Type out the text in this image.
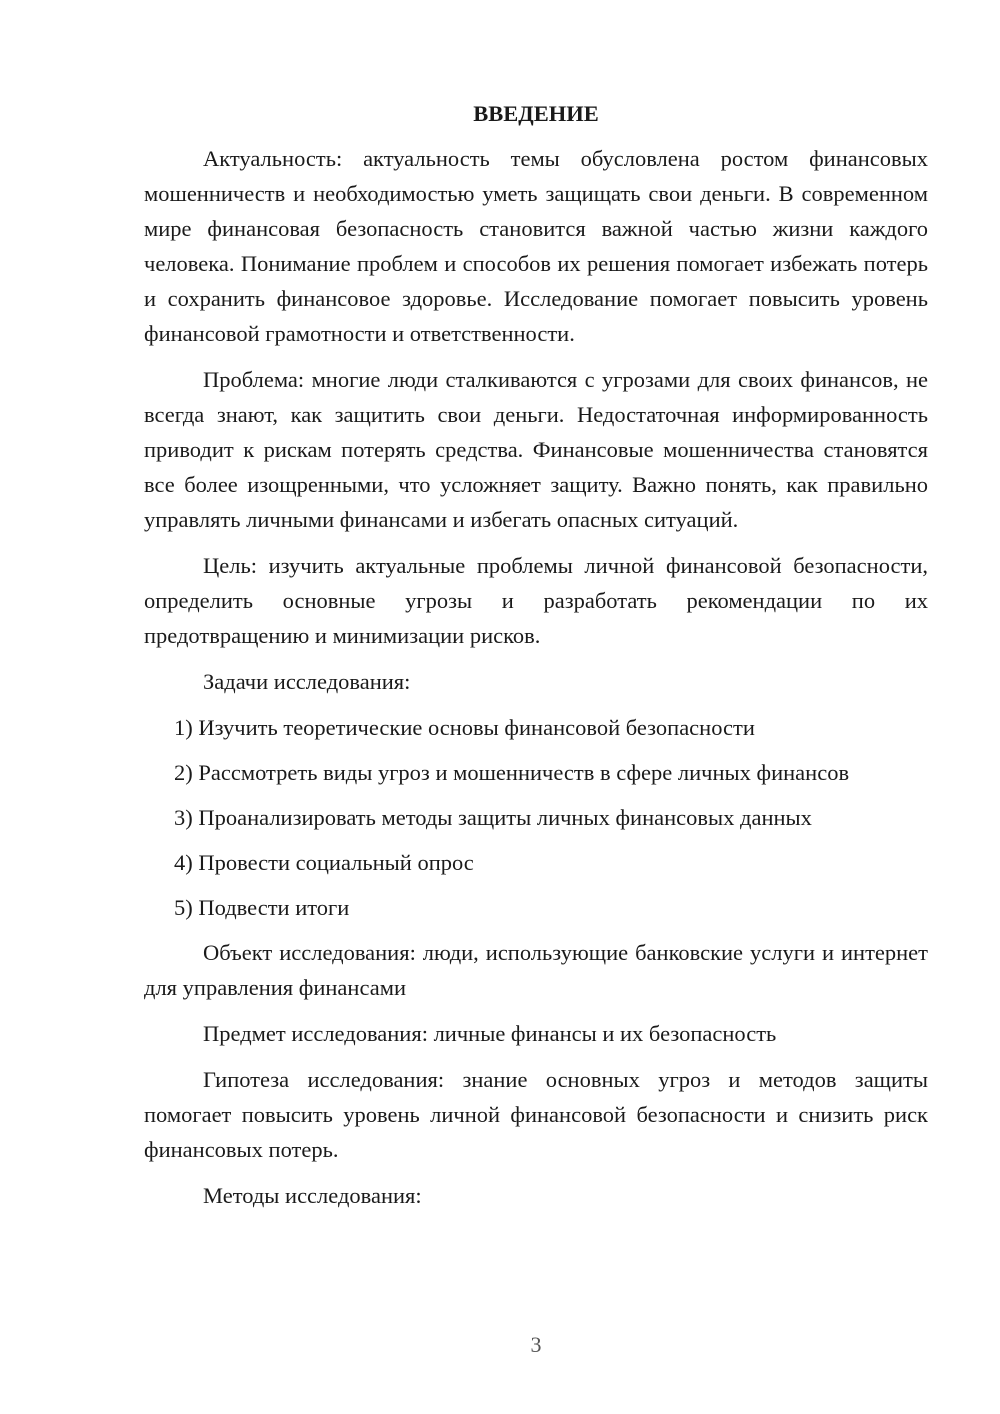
ВВЕДЕНИЕ

Актуальность: актуальность темы обусловлена ростом финансовых мошенничеств и необходимостью уметь защищать свои деньги. В современном мире финансовая безопасность становится важной частью жизни каждого человека. Понимание проблем и способов их решения помогает избежать потерь и сохранить финансовое здоровье. Исследование помогает повысить уровень финансовой грамотности и ответственности.

Проблема: многие люди сталкиваются с угрозами для своих финансов, не всегда знают, как защитить свои деньги. Недостаточная информированность приводит к рискам потерять средства. Финансовые мошенничества становятся все более изощренными, что усложняет защиту. Важно понять, как правильно управлять личными финансами и избегать опасных ситуаций.

Цель: изучить актуальные проблемы личной финансовой безопасности, определить основные угрозы и разработать рекомендации по их предотвращению и минимизации рисков.

Задачи исследования:

1) Изучить теоретические основы финансовой безопасности
2) Рассмотреть виды угроз и мошенничеств в сфере личных финансов
3) Проанализировать методы защиты личных финансовых данных
4) Провести социальный опрос
5) Подвести итоги

Объект исследования: люди, использующие банковские услуги и интернет для управления финансами

Предмет исследования: личные финансы и их безопасность

Гипотеза исследования: знание основных угроз и методов защиты помогает повысить уровень личной финансовой безопасности и снизить риск финансовых потерь.

Методы исследования:

3
